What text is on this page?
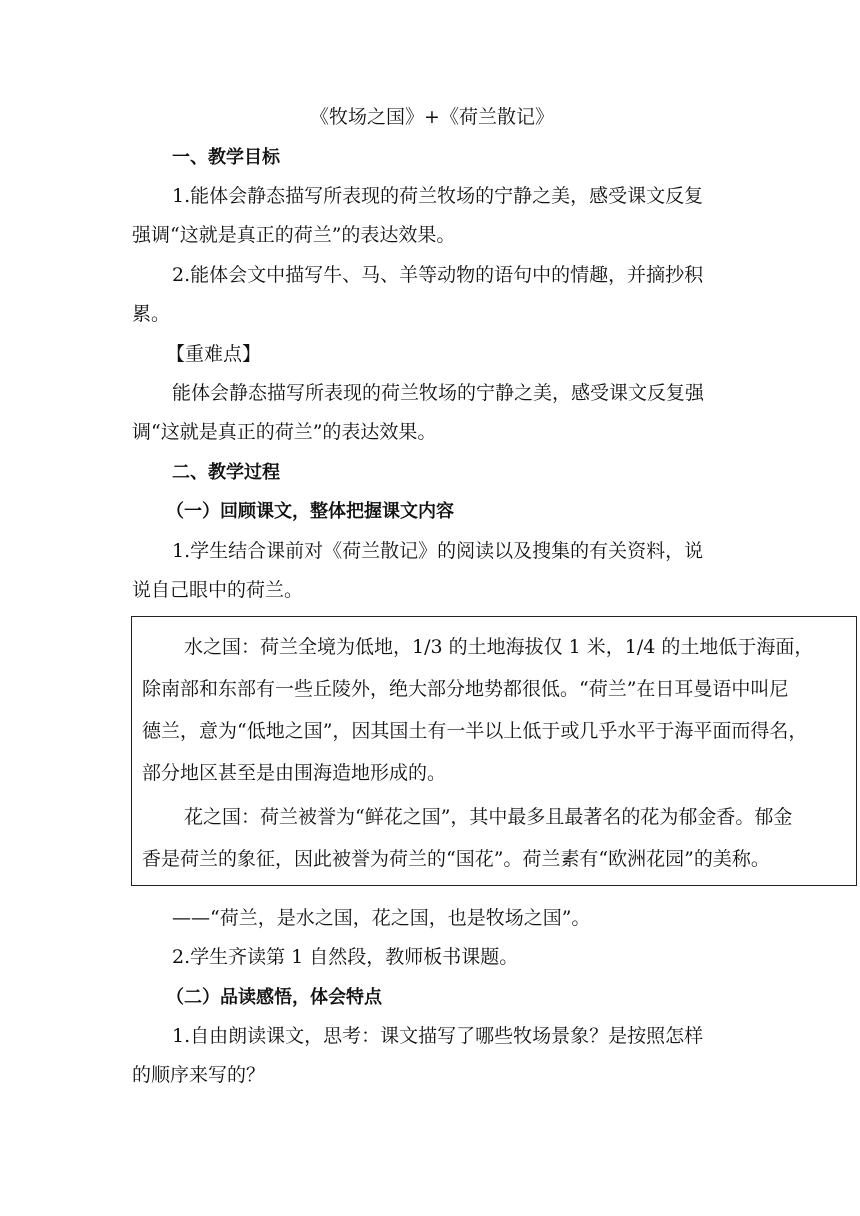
《牧场之国》+《荷兰散记》
一、教学目标
1.能体会静态描写所表现的荷兰牧场的宁静之美，感受课文反复
强调“这就是真正的荷兰”的表达效果。
2.能体会文中描写牛、马、羊等动物的语句中的情趣，并摘抄积
累。
【重难点】
能体会静态描写所表现的荷兰牧场的宁静之美，感受课文反复强
调“这就是真正的荷兰”的表达效果。
二、教学过程
（一）回顾课文，整体把握课文内容
1.学生结合课前对《荷兰散记》的阅读以及搜集的有关资料，说
说自己眼中的荷兰。
水之国：荷兰全境为低地，1/3 的土地海拔仅 1 米，1/4 的土地低于海面，
除南部和东部有一些丘陵外，绝大部分地势都很低。“荷兰”在日耳曼语中叫尼
德兰，意为“低地之国”，因其国土有一半以上低于或几乎水平于海平面而得名，
部分地区甚至是由围海造地形成的。
花之国：荷兰被誉为“鲜花之国”，其中最多且最著名的花为郁金香。郁金
香是荷兰的象征，因此被誉为荷兰的“国花”。荷兰素有“欧洲花园”的美称。
——“荷兰，是水之国，花之国，也是牧场之国”。
2.学生齐读第 1 自然段，教师板书课题。
（二）品读感悟，体会特点
1.自由朗读课文，思考：课文描写了哪些牧场景象？是按照怎样
的顺序来写的？
